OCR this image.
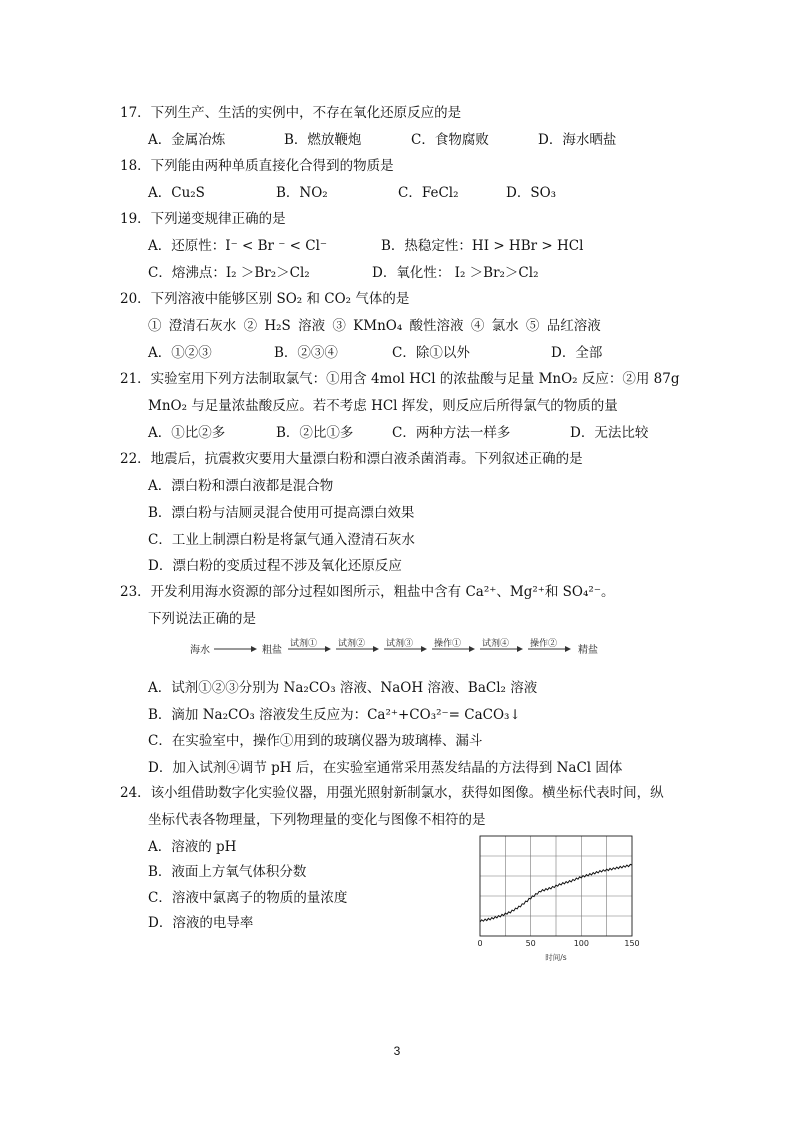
17．下列生产、生活的实例中，不存在氧化还原反应的是
A．金属冶炼	B．燃放鞭炮	C．食物腐败	D．海水晒盐
18．下列能由两种单质直接化合得到的物质是
A．Cu₂S	B．NO₂	C．FeCl₂	D．SO₃
19．下列递变规律正确的是
A．还原性：I⁻ < Br ⁻ < Cl⁻	B．热稳定性：HI > HBr > HCl
C．熔沸点：I₂ ＞Br₂＞Cl₂	D．氧化性： I₂ ＞Br₂＞Cl₂
20．下列溶液中能够区别 SO₂ 和 CO₂ 气体的是
① 澄清石灰水 ② H₂S 溶液 ③ KMnO₄ 酸性溶液 ④ 氯水 ⑤ 品红溶液
A．①②③	B．②③④	C．除①以外	D．全部
21．实验室用下列方法制取氯气：①用含 4mol HCl 的浓盐酸与足量 MnO₂ 反应：②用 87g
MnO₂ 与足量浓盐酸反应。若不考虑 HCl 挥发，则反应后所得氯气的物质的量
A．①比②多	B．②比①多	C．两种方法一样多	D．无法比较
22．地震后，抗震救灾要用大量漂白粉和漂白液杀菌消毒。下列叙述正确的是
A．漂白粉和漂白液都是混合物
B．漂白粉与洁厕灵混合使用可提高漂白效果
C．工业上制漂白粉是将氯气通入澄清石灰水
D．漂白粉的变质过程不涉及氧化还原反应
23．开发利用海水资源的部分过程如图所示，粗盐中含有 Ca²⁺、Mg²⁺和 SO₄²⁻。
下列说法正确的是
海水	粗盐
试剂① 试剂② 试剂③ 操作① 试剂④ 操作②
精盐
A．试剂①②③分别为 Na₂CO₃ 溶液、NaOH 溶液、BaCl₂ 溶液
B．滴加 Na₂CO₃ 溶液发生反应为：Ca²⁺+CO₃²⁻= CaCO₃↓
C．在实验室中，操作①用到的玻璃仪器为玻璃棒、漏斗
D．加入试剂④调节 pH 后，在实验室通常采用蒸发结晶的方法得到 NaCl 固体
24．该小组借助数字化实验仪器，用强光照射新制氯水，获得如图像。横坐标代表时间，纵
坐标代表各物理量，下列物理量的变化与图像不相符的是
A．溶液的 pH
B．液面上方氧气体积分数
C．溶液中氯离子的物质的量浓度
D．溶液的电导率
0	50	100	150
时间/s
3
